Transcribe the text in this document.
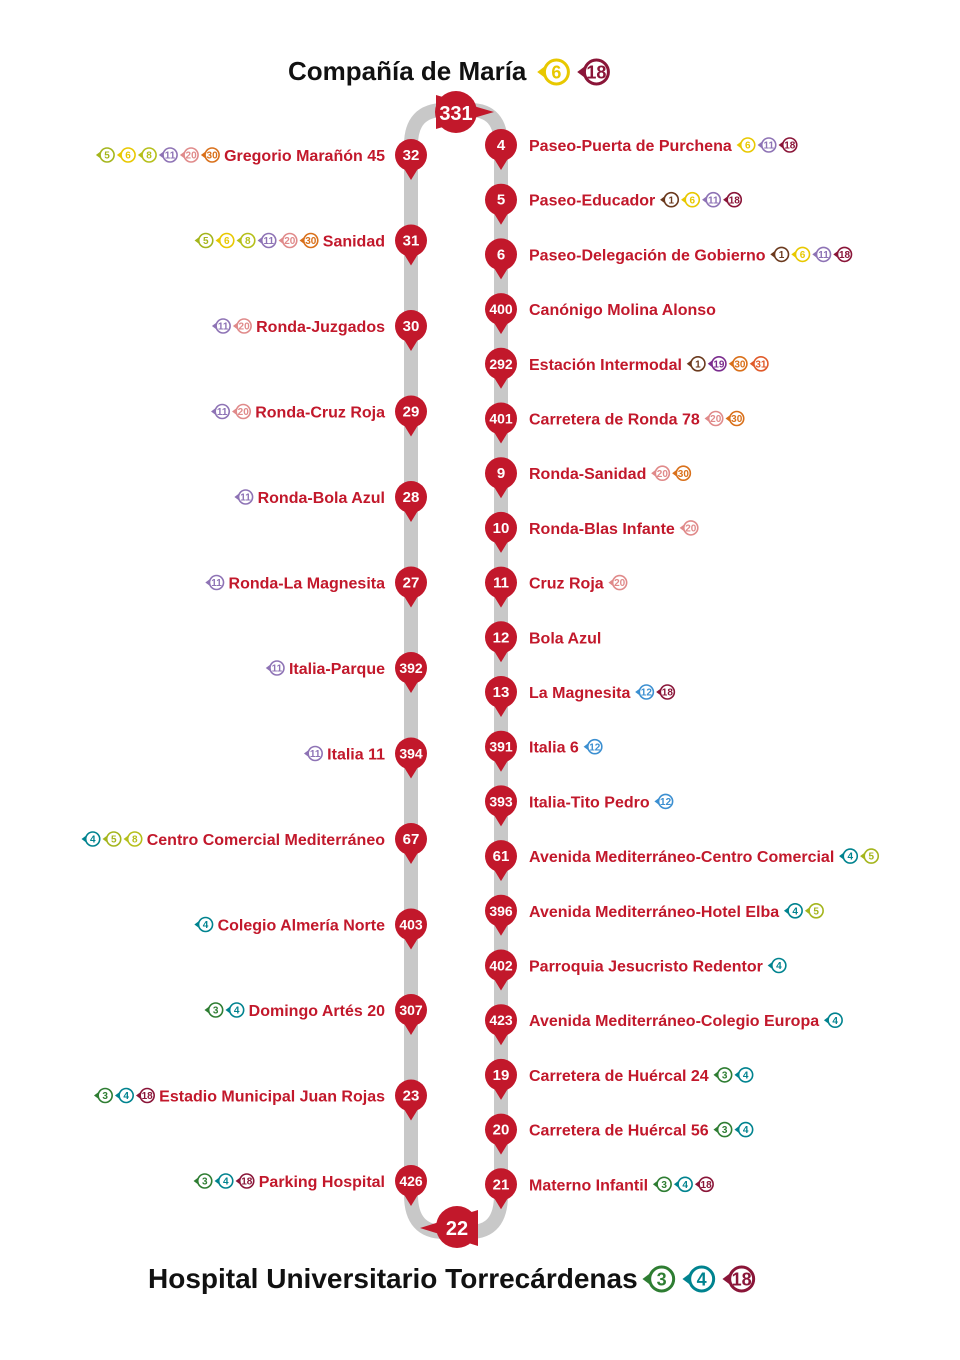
Compañía de María 6 18
331
Hospital Universitario Torrecárdenas 3 4 18
22
4 Paseo-Puerta de Purchena 6 11 18
5 Paseo-Educador 1 6 11 18
6 Paseo-Delegación de Gobierno 1 6 11 18
400 Canónigo Molina Alonso
292 Estación Intermodal 1 19 30 31
401 Carretera de Ronda 78 20 30
9 Ronda-Sanidad 20 30
10 Ronda-Blas Infante 20
11 Cruz Roja 20
12 Bola Azul
13 La Magnesita 12 18
391 Italia 6 12
393 Italia-Tito Pedro 12
61 Avenida Mediterráneo-Centro Comercial 4 5
396 Avenida Mediterráneo-Hotel Elba 4 5
402 Parroquia Jesucristo Redentor 4
423 Avenida Mediterráneo-Colegio Europa 4
19 Carretera de Huércal 24 3 4
20 Carretera de Huércal 56 3 4
21 Materno Infantil 3 4 18
32
Gregorio Marañón 45
5 6 8 11 20 30
31
Sanidad
5 6 8 11 20 30
30
Ronda-Juzgados
11 20
29
Ronda-Cruz Roja
11 20
28
Ronda-Bola Azul
11
27
Ronda-La Magnesita
11
392
Italia-Parque
11
394
Italia 11
11
67
Centro Comercial Mediterráneo
4 5 8
403
Colegio Almería Norte
4
307
Domingo Artés 20
3 4
23
Estadio Municipal Juan Rojas
3 4 18
426
Parking Hospital
3 4 18
